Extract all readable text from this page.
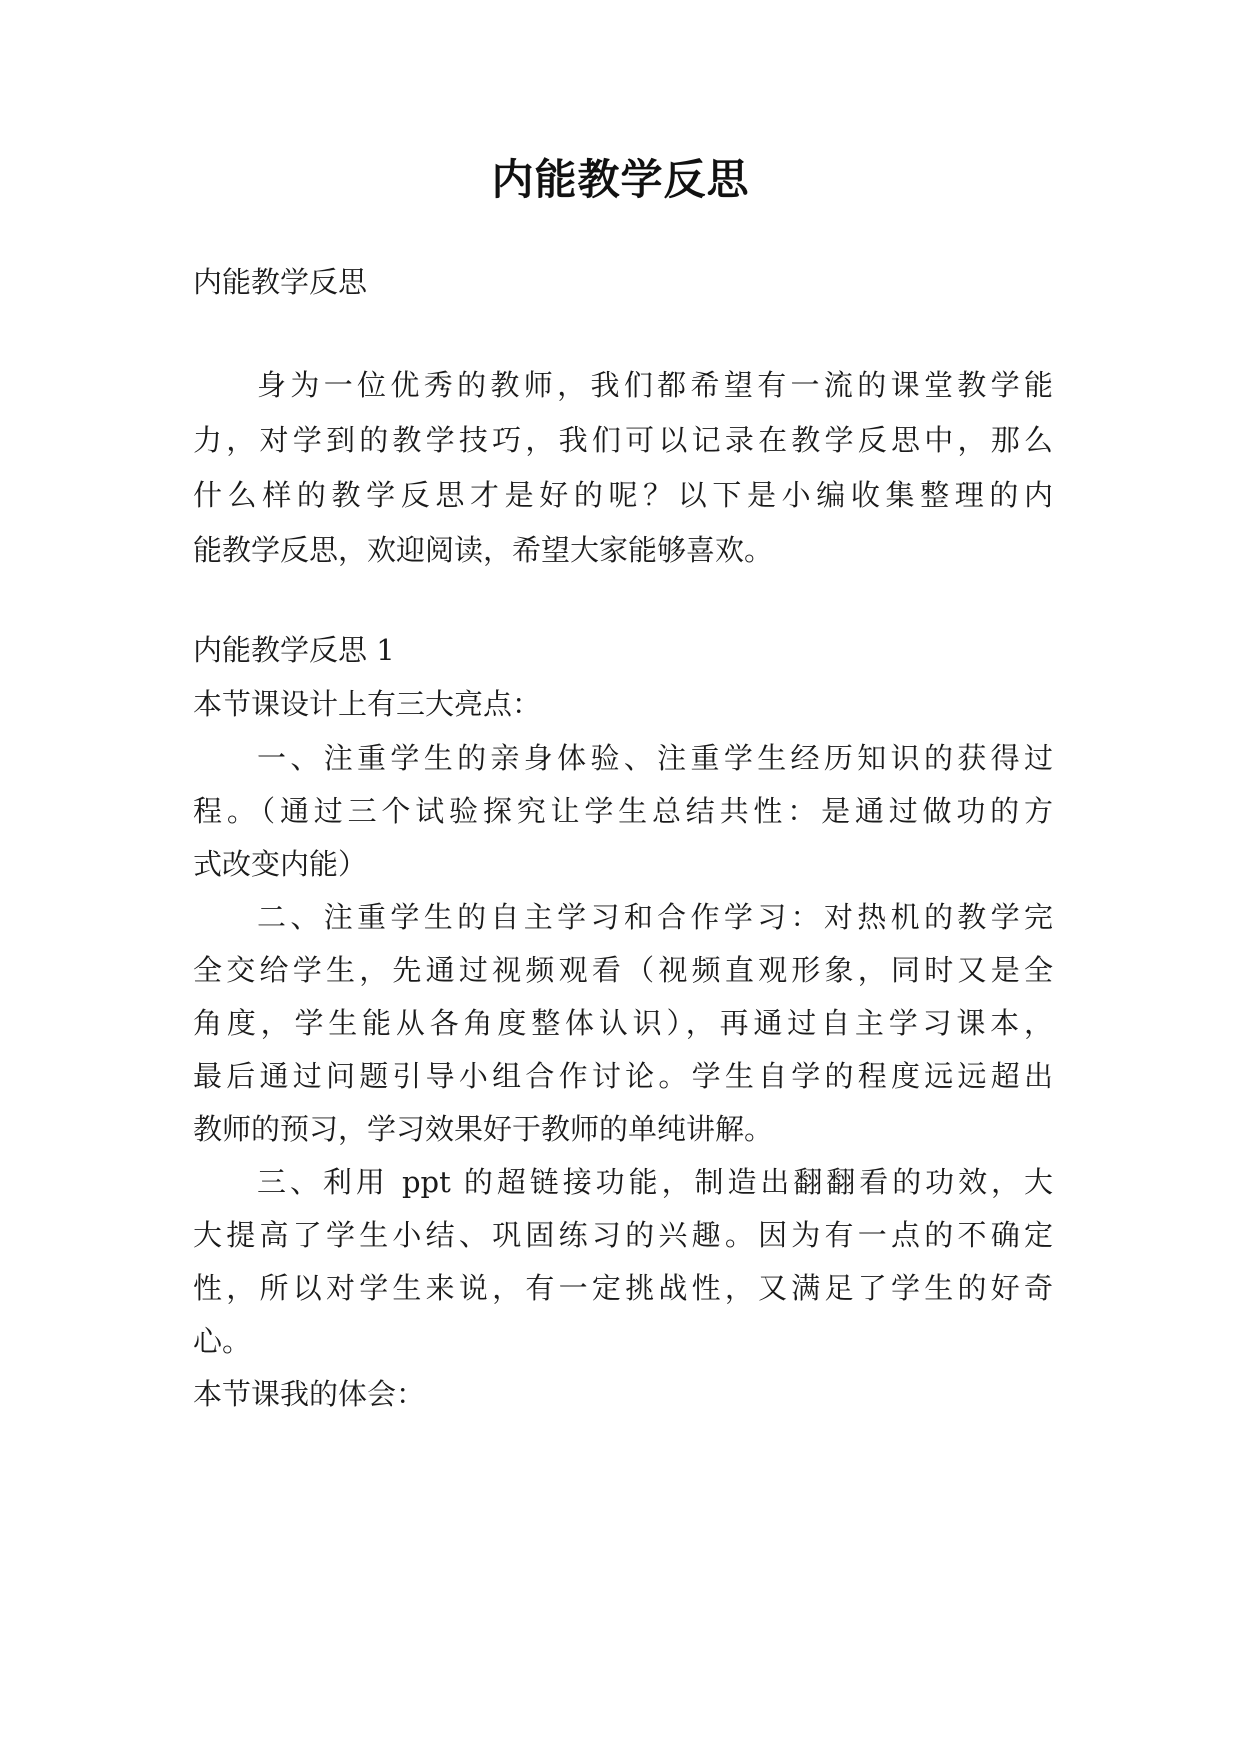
内能教学反思
内能教学反思
身为一位优秀的教师，我们都希望有一流的课堂教学能
力，对学到的教学技巧，我们可以记录在教学反思中，那么
什么样的教学反思才是好的呢？以下是小编收集整理的内
能教学反思，欢迎阅读，希望大家能够喜欢。
内能教学反思 1
本节课设计上有三大亮点：
一、注重学生的亲身体验、注重学生经历知识的获得过
程。（通过三个试验探究让学生总结共性：是通过做功的方
式改变内能）
二、注重学生的自主学习和合作学习：对热机的教学完
全交给学生，先通过视频观看（视频直观形象，同时又是全
角度，学生能从各角度整体认识），再通过自主学习课本，
最后通过问题引导小组合作讨论。学生自学的程度远远超出
教师的预习，学习效果好于教师的单纯讲解。
三、利用 ppt 的超链接功能，制造出翻翻看的功效，大
大提高了学生小结、巩固练习的兴趣。因为有一点的不确定
性，所以对学生来说，有一定挑战性，又满足了学生的好奇
心。
本节课我的体会：
